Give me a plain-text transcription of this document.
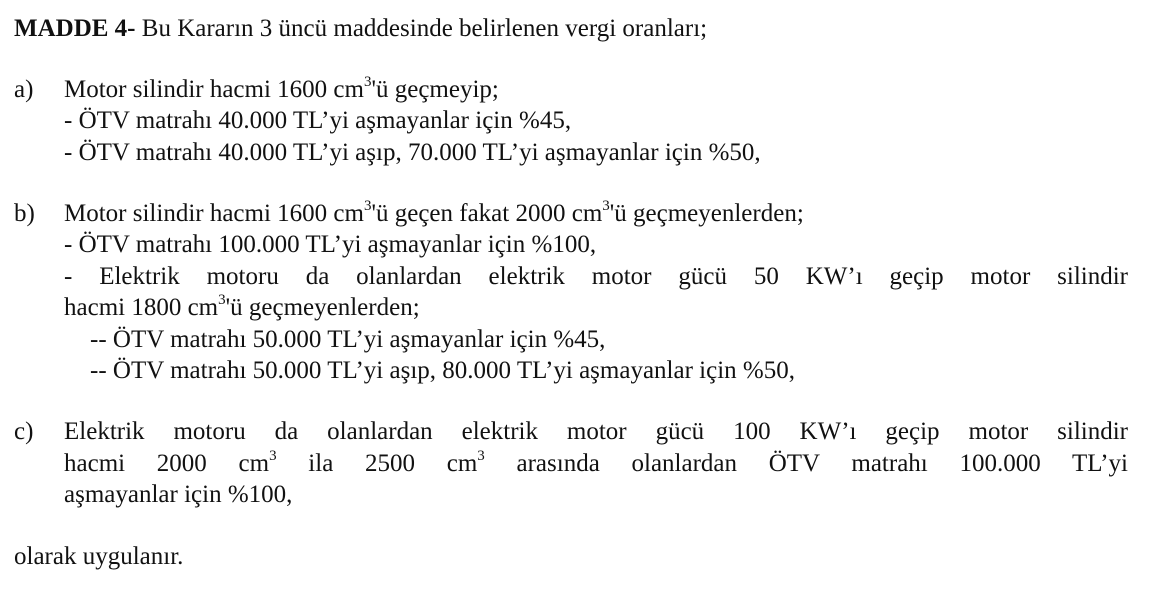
MADDE 4- Bu Kararın 3 üncü maddesinde belirlenen vergi oranları;
a) Motor silindir hacmi 1600 $cm^3'ü$ geçmeyip;
- ÖTV matrahı 40.000 TL’yi aşmayanlar için %45,
- ÖTV matrahı 40.000 TL’yi aşıp, 70.000 TL’yi aşmayanlar için %50,
b) Motor silindir hacmi 1600 $cm^3'ü$ geçen fakat 2000 $cm^3'ü$ geçmeyenlerden;
- ÖTV matrahı 100.000 TL’yi aşmayanlar için %100,
- Elektrik motoru da olanlardan elektrik motor gücü 50 KW’ı geçip motor silindir
hacmi 1800 $cm^3'ü$ geçmeyenlerden;
-- ÖTV matrahı 50.000 TL’yi aşmayanlar için %45,
-- ÖTV matrahı 50.000 TL’yi aşıp, 80.000 TL’yi aşmayanlar için %50,
c) Elektrik motoru da olanlardan elektrik motor gücü 100 KW’ı geçip motor silindir
hacmi 2000 $cm^3$ ila 2500 $cm^3$ arasında olanlardan ÖTV matrahı 100.000 TL’yi
aşmayanlar için %100,
olarak uygulanır.
